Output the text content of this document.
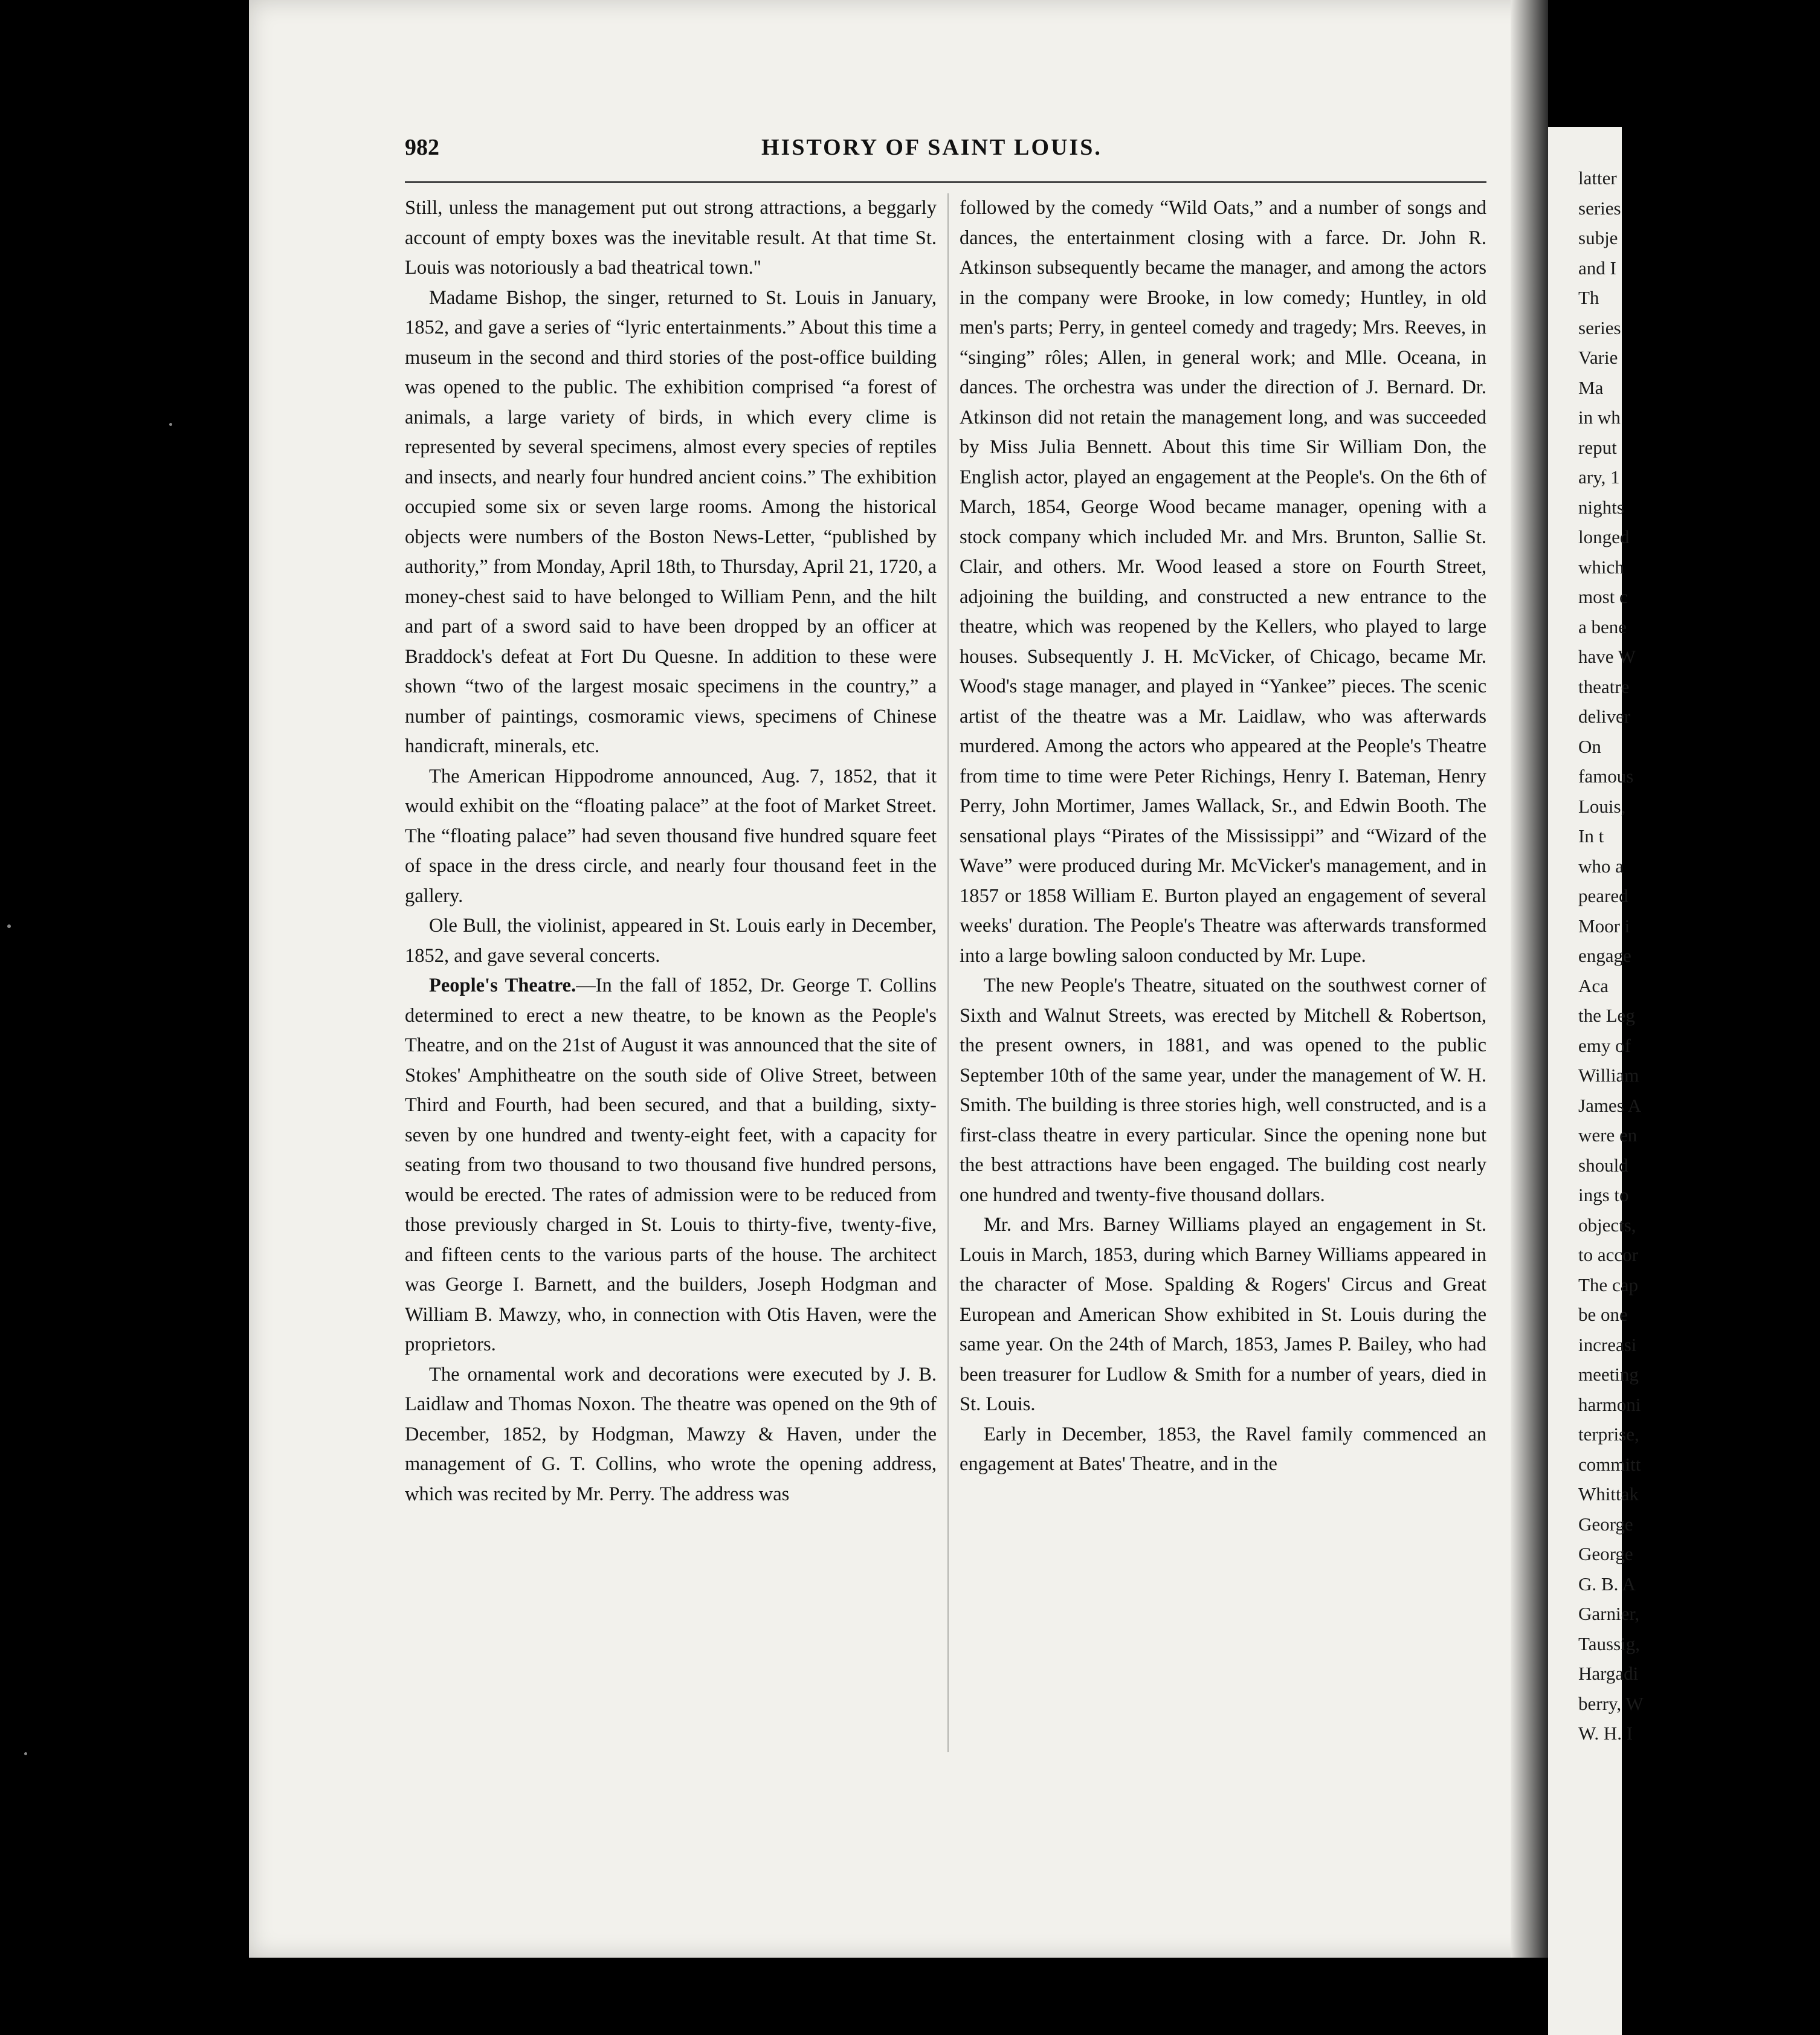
latter
series
subje
and I
Th
series
Varie
Ma
in wh
reput
ary, 1
nights
longed
which
most c
a bene
have W
theatre
deliver
On
famous
Louis,
In t
who a
peared
Moor i
engage
Aca
the Leg
emy of
William
James A
were en
should
ings to
objects,
to accor
The cap
be one
increasi
meeting
harmoni
terprise,
committ
Whittak
George
George
G. B. A
Garnier,
Taussig,
Hargadi
berry, W
W. H. I
982	HISTORY OF SAINT LOUIS.

Still, unless the management put out strong attractions, a beggarly account of empty boxes was the inevitable result. At that time St. Louis was notoriously a bad theatrical town."

Madame Bishop, the singer, returned to St. Louis in January, 1852, and gave a series of “lyric entertainments.” About this time a museum in the second and third stories of the post-office building was opened to the public. The exhibition comprised “a forest of animals, a large variety of birds, in which every clime is represented by several specimens, almost every species of reptiles and insects, and nearly four hundred ancient coins.” The exhibition occupied some six or seven large rooms. Among the historical objects were numbers of the Boston News-Letter, “published by authority,” from Monday, April 18th, to Thursday, April 21, 1720, a money-chest said to have belonged to William Penn, and the hilt and part of a sword said to have been dropped by an officer at Braddock's defeat at Fort Du Quesne. In addition to these were shown “two of the largest mosaic specimens in the country,” a number of paintings, cosmoramic views, specimens of Chinese handicraft, minerals, etc.

The American Hippodrome announced, Aug. 7, 1852, that it would exhibit on the “floating palace” at the foot of Market Street. The “floating palace” had seven thousand five hundred square feet of space in the dress circle, and nearly four thousand feet in the gallery.

Ole Bull, the violinist, appeared in St. Louis early in December, 1852, and gave several concerts.

People's Theatre.—In the fall of 1852, Dr. George T. Collins determined to erect a new theatre, to be known as the People's Theatre, and on the 21st of August it was announced that the site of Stokes' Amphitheatre on the south side of Olive Street, between Third and Fourth, had been secured, and that a building, sixty-seven by one hundred and twenty-eight feet, with a capacity for seating from two thousand to two thousand five hundred persons, would be erected. The rates of admission were to be reduced from those previously charged in St. Louis to thirty-five, twenty-five, and fifteen cents to the various parts of the house. The architect was George I. Barnett, and the builders, Joseph Hodgman and William B. Mawzy, who, in connection with Otis Haven, were the proprietors.

The ornamental work and decorations were executed by J. B. Laidlaw and Thomas Noxon. The theatre was opened on the 9th of December, 1852, by Hodgman, Mawzy & Haven, under the management of G. T. Collins, who wrote the opening address, which was recited by Mr. Perry. The address was

followed by the comedy “Wild Oats,” and a number of songs and dances, the entertainment closing with a farce. Dr. John R. Atkinson subsequently became the manager, and among the actors in the company were Brooke, in low comedy; Huntley, in old men's parts; Perry, in genteel comedy and tragedy; Mrs. Reeves, in “singing” rôles; Allen, in general work; and Mlle. Oceana, in dances. The orchestra was under the direction of J. Bernard. Dr. Atkinson did not retain the management long, and was succeeded by Miss Julia Bennett. About this time Sir William Don, the English actor, played an engagement at the People's. On the 6th of March, 1854, George Wood became manager, opening with a stock company which included Mr. and Mrs. Brunton, Sallie St. Clair, and others. Mr. Wood leased a store on Fourth Street, adjoining the building, and constructed a new entrance to the theatre, which was reopened by the Kellers, who played to large houses. Subsequently J. H. McVicker, of Chicago, became Mr. Wood's stage manager, and played in “Yankee” pieces. The scenic artist of the theatre was a Mr. Laidlaw, who was afterwards murdered. Among the actors who appeared at the People's Theatre from time to time were Peter Richings, Henry I. Bateman, Henry Perry, John Mortimer, James Wallack, Sr., and Edwin Booth. The sensational plays “Pirates of the Mississippi” and “Wizard of the Wave” were produced during Mr. McVicker's management, and in 1857 or 1858 William E. Burton played an engagement of several weeks' duration. The People's Theatre was afterwards transformed into a large bowling saloon conducted by Mr. Lupe.

The new People's Theatre, situated on the southwest corner of Sixth and Walnut Streets, was erected by Mitchell & Robertson, the present owners, in 1881, and was opened to the public September 10th of the same year, under the management of W. H. Smith. The building is three stories high, well constructed, and is a first-class theatre in every particular. Since the opening none but the best attractions have been engaged. The building cost nearly one hundred and twenty-five thousand dollars.

Mr. and Mrs. Barney Williams played an engagement in St. Louis in March, 1853, during which Barney Williams appeared in the character of Mose. Spalding & Rogers' Circus and Great European and American Show exhibited in St. Louis during the same year. On the 24th of March, 1853, James P. Bailey, who had been treasurer for Ludlow & Smith for a number of years, died in St. Louis.

Early in December, 1853, the Ravel family commenced an engagement at Bates' Theatre, and in the
